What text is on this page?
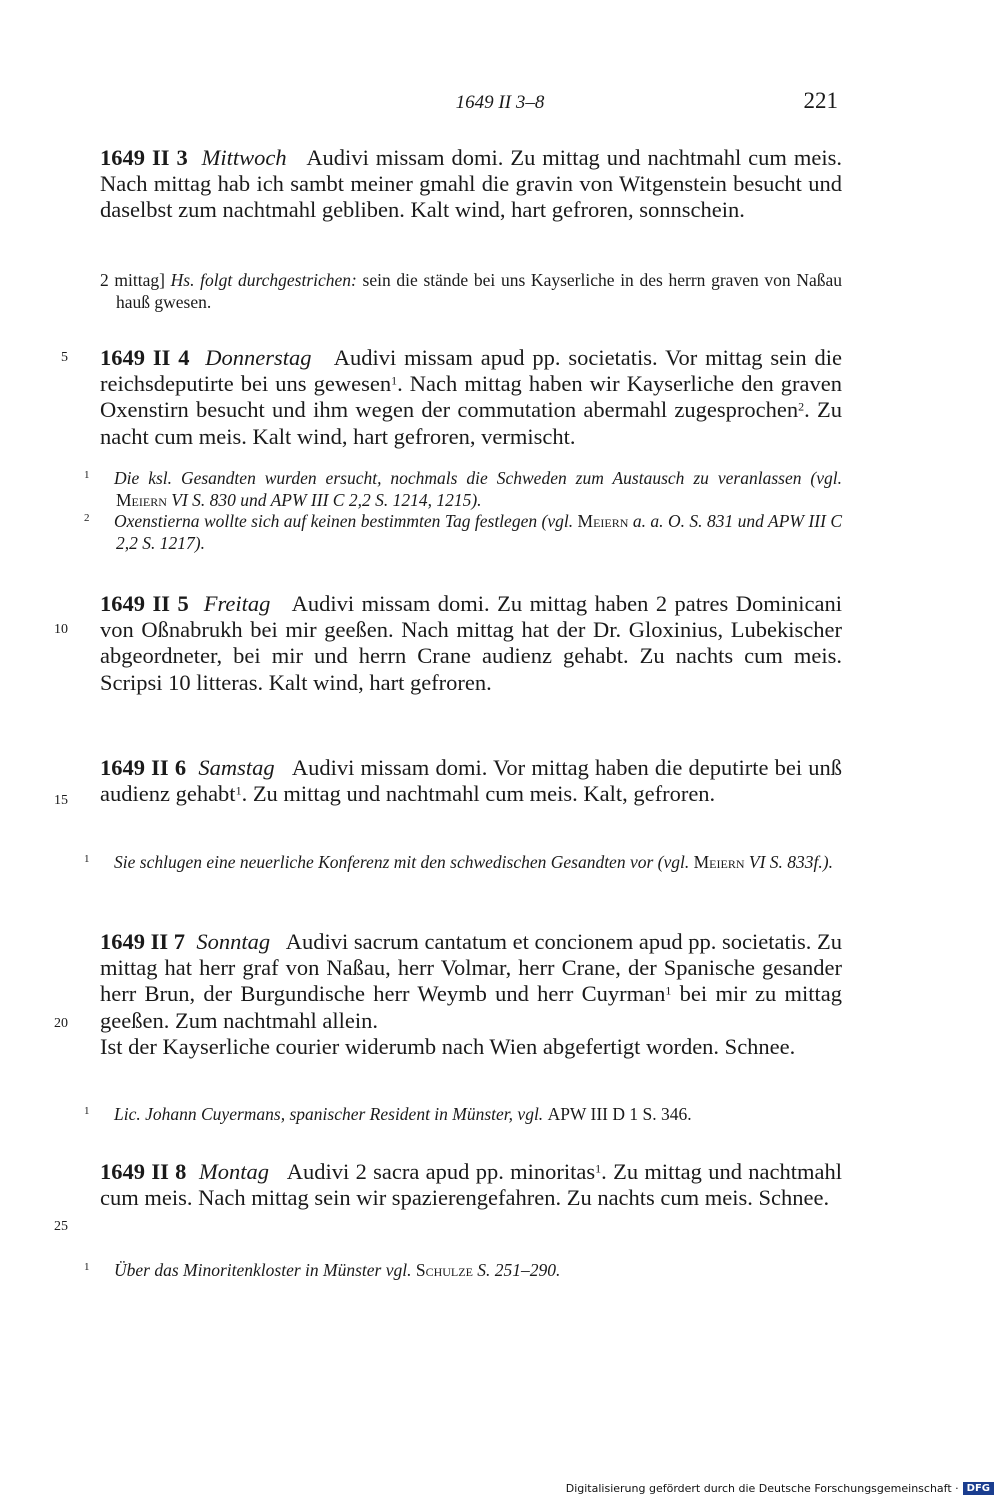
1649 II 3–8	221
5
10
15
20
25
1649 II 3 Mittwoch Audivi missam domi. Zu mittag und nachtmahl cum meis. Nach mittag hab ich sambt meiner gmahl die gravin von Witgenstein besucht und daselbst zum nachtmahl gebliben. Kalt wind, hart gefroren, sonnschein.
2 mittag] Hs. folgt durchgestrichen: sein die stände bei uns Kayserliche in des herrn graven von Naßau hauß gwesen.
1649 II 4 Donnerstag Audivi missam apud pp. societatis. Vor mittag sein die reichsdeputirte bei uns gewesen$^1$. Nach mittag haben wir Kayserliche den graven Oxenstirn besucht und ihm wegen der commutation abermahl zugesprochen$^2$. Zu nacht cum meis. Kalt wind, hart gefroren, vermischt.
1 Die ksl. Gesandten wurden ersucht, nochmals die Schweden zum Austausch zu veranlassen (vgl. Meiern VI S. 830 und APW III C 2,2 S. 1214, 1215).
2 Oxenstierna wollte sich auf keinen bestimmten Tag festlegen (vgl. Meiern a. a. O. S. 831 und APW III C 2,2 S. 1217).
1649 II 5 Freitag Audivi missam domi. Zu mittag haben 2 patres Dominicani von Oßnabrukh bei mir geeßen. Nach mittag hat der Dr. Gloxinius, Lubekischer abgeordneter, bei mir und herrn Crane audienz gehabt. Zu nachts cum meis. Scripsi 10 litteras. Kalt wind, hart gefroren.
1649 II 6 Samstag Audivi missam domi. Vor mittag haben die deputirte bei unß audienz gehabt$^1$. Zu mittag und nachtmahl cum meis. Kalt, gefroren.
1 Sie schlugen eine neuerliche Konferenz mit den schwedischen Gesandten vor (vgl. Meiern VI S. 833f.).
1649 II 7 Sonntag Audivi sacrum cantatum et concionem apud pp. societatis. Zu mittag hat herr graf von Naßau, herr Volmar, herr Crane, der Spanische gesander herr Brun, der Burgundische herr Weymb und herr Cuyrman$^1$ bei mir zu mittag geeßen. Zum nachtmahl allein.
Ist der Kayserliche courier widerumb nach Wien abgefertigt worden. Schnee.
1 Lic. Johann Cuyermans, spanischer Resident in Münster, vgl. APW III D 1 S. 346.
1649 II 8 Montag Audivi 2 sacra apud pp. minoritas$^1$. Zu mittag und nachtmahl cum meis. Nach mittag sein wir spazierengefahren. Zu nachts cum meis. Schnee.
1 Über das Minoritenkloster in Münster vgl. Schulze S. 251–290.
Digitalisierung gefördert durch die Deutsche Forschungsgemeinschaft · DFG
